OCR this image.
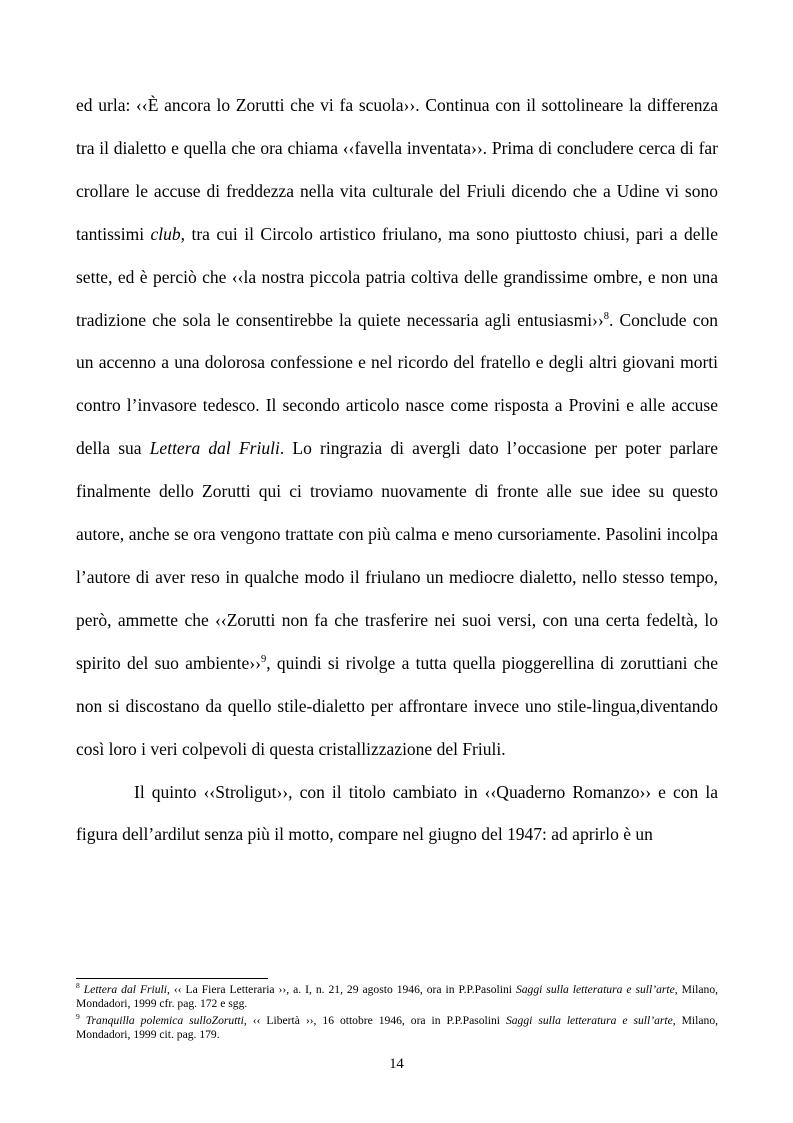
ed urla: ‹‹È ancora lo Zorutti che vi fa scuola››. Continua con il sottolineare la differenza tra il dialetto e quella che ora chiama ‹‹favella inventata››. Prima di concludere cerca di far crollare le accuse di freddezza nella vita culturale del Friuli dicendo che a Udine vi sono tantissimi club, tra cui il Circolo artistico friulano, ma sono piuttosto chiusi, pari a delle sette, ed è perciò che ‹‹la nostra piccola patria coltiva delle grandissime ombre, e non una tradizione che sola le consentirebbe la quiete necessaria agli entusiasmi››$^8$. Conclude con un accenno a una dolorosa confessione e nel ricordo del fratello e degli altri giovani morti contro l’invasore tedesco. Il secondo articolo nasce come risposta a Provini e alle accuse della sua Lettera dal Friuli. Lo ringrazia di avergli dato l’occasione per poter parlare finalmente dello Zorutti qui ci troviamo nuovamente di fronte alle sue idee su questo autore, anche se ora vengono trattate con più calma e meno cursoriamente. Pasolini incolpa l’autore di aver reso in qualche modo il friulano un mediocre dialetto, nello stesso tempo, però, ammette che ‹‹Zorutti non fa che trasferire nei suoi versi, con una certa fedeltà, lo spirito del suo ambiente››$^9$, quindi si rivolge a tutta quella pioggerellina di zoruttiani che non si discostano da quello stile-dialetto per affrontare invece uno stile-lingua,diventando così loro i veri colpevoli di questa cristallizzazione del Friuli.

Il quinto ‹‹Stroligut››, con il titolo cambiato in ‹‹Quaderno Romanzo›› e con la figura dell’ardilut senza più il motto, compare nel giugno del 1947: ad aprirlo è un

$^8$ Lettera dal Friuli, ‹‹ La Fiera Letteraria ››, a. I, n. 21, 29 agosto 1946, ora in P.P.Pasolini Saggi sulla letteratura e sull’arte, Milano, Mondadori, 1999 cfr. pag. 172 e sgg.

$^9$ Tranquilla polemica sulloZorutti, ‹‹ Libertà ››, 16 ottobre 1946, ora in P.P.Pasolini Saggi sulla letteratura e sull’arte, Milano, Mondadori, 1999 cit. pag. 179.

14
